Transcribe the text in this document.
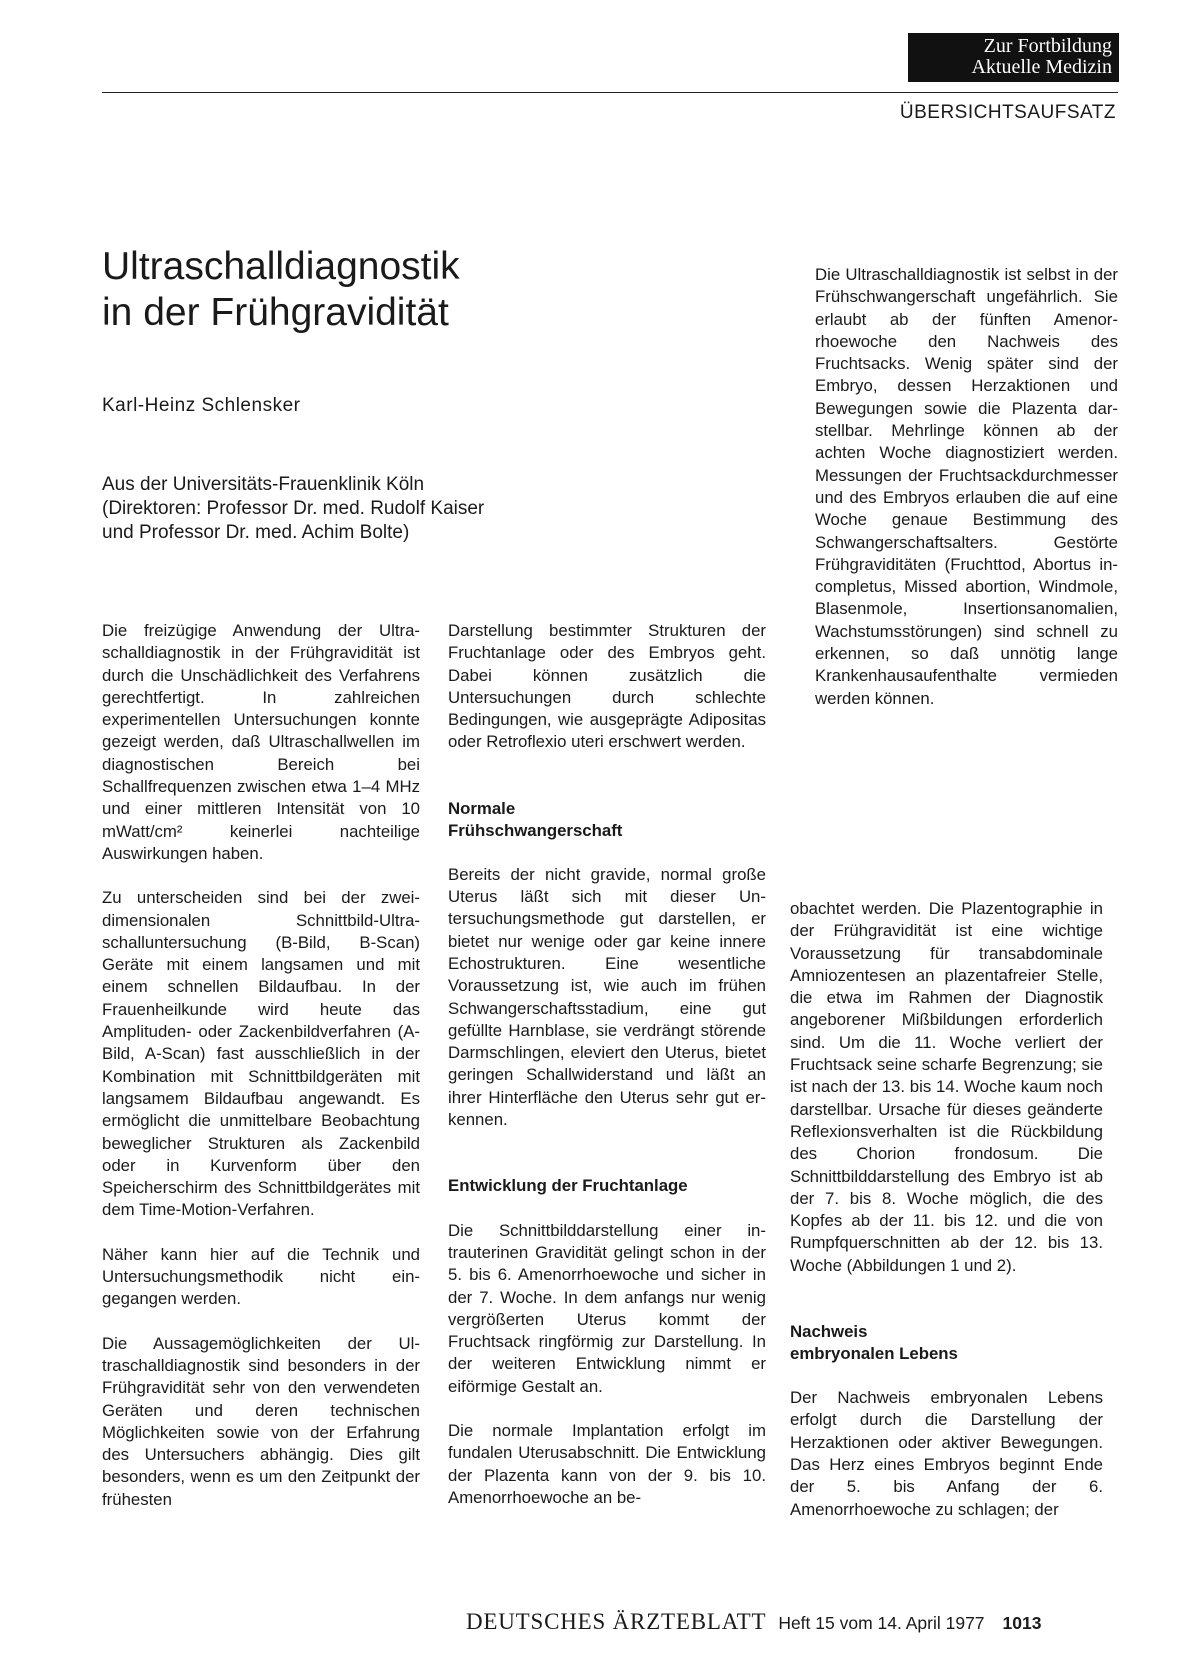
Zur Fortbildung
Aktuelle Medizin
ÜBERSICHTSAUFSATZ
Ultraschalldiagnostik
in der Frühgravidität
Karl-Heinz Schlensker
Aus der Universitäts-Frauenklinik Köln
(Direktoren: Professor Dr. med. Rudolf Kaiser
und Professor Dr. med. Achim Bolte)

Die Ultraschalldiagnostik ist selbst in der Frühschwangerschaft ungefährlich. Sie erlaubt ab der fünften Amenorrhoewoche den Nachweis des Fruchtsacks. Wenig später sind der Embryo, dessen Herzaktionen und Bewegungen sowie die Plazenta darstellbar. Mehrlinge können ab der achten Woche diagnostiziert werden. Messungen der Fruchtsackdurchmesser und des Embryos erlauben die auf eine Woche genaue Bestimmung des Schwangerschaftsalters. Gestörte Frühgraviditäten (Fruchttod, Abortus incompletus, Missed abortion, Windmole, Blasenmole, Insertionsanomalien, Wachstumsstörungen) sind schnell zu erkennen, so daß unnötig lange Krankenhausaufenthalte vermieden werden können.

Die freizügige Anwendung der Ultraschalldiagnostik in der Frühgravidität ist durch die Unschädlichkeit des Verfahrens gerechtfertigt. In zahlreichen experimentellen Untersuchungen konnte gezeigt werden, daß Ultraschallwellen im diagnostischen Bereich bei Schallfrequenzen zwischen etwa 1–4 MHz und einer mittleren Intensität von 10 mWatt/cm² keinerlei nachteilige Auswirkungen haben.

Zu unterscheiden sind bei der zweidimensionalen Schnittbild-Ultraschalluntersuchung (B-Bild, B-Scan) Geräte mit einem langsamen und mit einem schnellen Bildaufbau. In der Frauenheilkunde wird heute das Amplituden- oder Zackenbildverfahren (A-Bild, A-Scan) fast ausschließlich in der Kombination mit Schnittbildgeräten mit langsamem Bildaufbau angewandt. Es ermöglicht die unmittelbare Beobachtung beweglicher Strukturen als Zackenbild oder in Kurvenform über den Speicherschirm des Schnittbildgerätes mit dem Time-Motion-Verfahren.

Näher kann hier auf die Technik und Untersuchungsmethodik nicht eingegangen werden.

Die Aussagemöglichkeiten der Ultraschalldiagnostik sind besonders in der Frühgravidität sehr von den verwendeten Geräten und deren technischen Möglichkeiten sowie von der Erfahrung des Untersuchers abhängig. Dies gilt besonders, wenn es um den Zeitpunkt der frühesten

Darstellung bestimmter Strukturen der Fruchtanlage oder des Embryos geht. Dabei können zusätzlich die Untersuchungen durch schlechte Bedingungen, wie ausgeprägte Adipositas oder Retroflexio uteri erschwert werden.

Normale
Frühschwangerschaft

Bereits der nicht gravide, normal große Uterus läßt sich mit dieser Untersuchungsmethode gut darstellen, er bietet nur wenige oder gar keine innere Echostrukturen. Eine wesentliche Voraussetzung ist, wie auch im frühen Schwangerschaftsstadium, eine gut gefüllte Harnblase, sie verdrängt störende Darmschlingen, eleviert den Uterus, bietet geringen Schallwiderstand und läßt an ihrer Hinterfläche den Uterus sehr gut erkennen.

Entwicklung der Fruchtanlage

Die Schnittbilddarstellung einer intrauterinen Gravidität gelingt schon in der 5. bis 6. Amenorrhoewoche und sicher in der 7. Woche. In dem anfangs nur wenig vergrößerten Uterus kommt der Fruchtsack ringförmig zur Darstellung. In der weiteren Entwicklung nimmt er eiförmige Gestalt an.

Die normale Implantation erfolgt im fundalen Uterusabschnitt. Die Entwicklung der Plazenta kann von der 9. bis 10. Amenorrhoewoche an be-

obachtet werden. Die Plazentographie in der Frühgravidität ist eine wichtige Voraussetzung für transabdominale Amniozentesen an plazentafreier Stelle, die etwa im Rahmen der Diagnostik angeborener Mißbildungen erforderlich sind. Um die 11. Woche verliert der Fruchtsack seine scharfe Begrenzung; sie ist nach der 13. bis 14. Woche kaum noch darstellbar. Ursache für dieses geänderte Reflexionsverhalten ist die Rückbildung des Chorion frondosum. Die Schnittbilddarstellung des Embryo ist ab der 7. bis 8. Woche möglich, die des Kopfes ab der 11. bis 12. und die von Rumpfquerschnitten ab der 12. bis 13. Woche (Abbildungen 1 und 2).

Nachweis
embryonalen Lebens

Der Nachweis embryonalen Lebens erfolgt durch die Darstellung der Herzaktionen oder aktiver Bewegungen. Das Herz eines Embryos beginnt Ende der 5. bis Anfang der 6. Amenorrhoewoche zu schlagen; der

DEUTSCHES ÄRZTEBLATT Heft 15 vom 14. April 1977 1013
